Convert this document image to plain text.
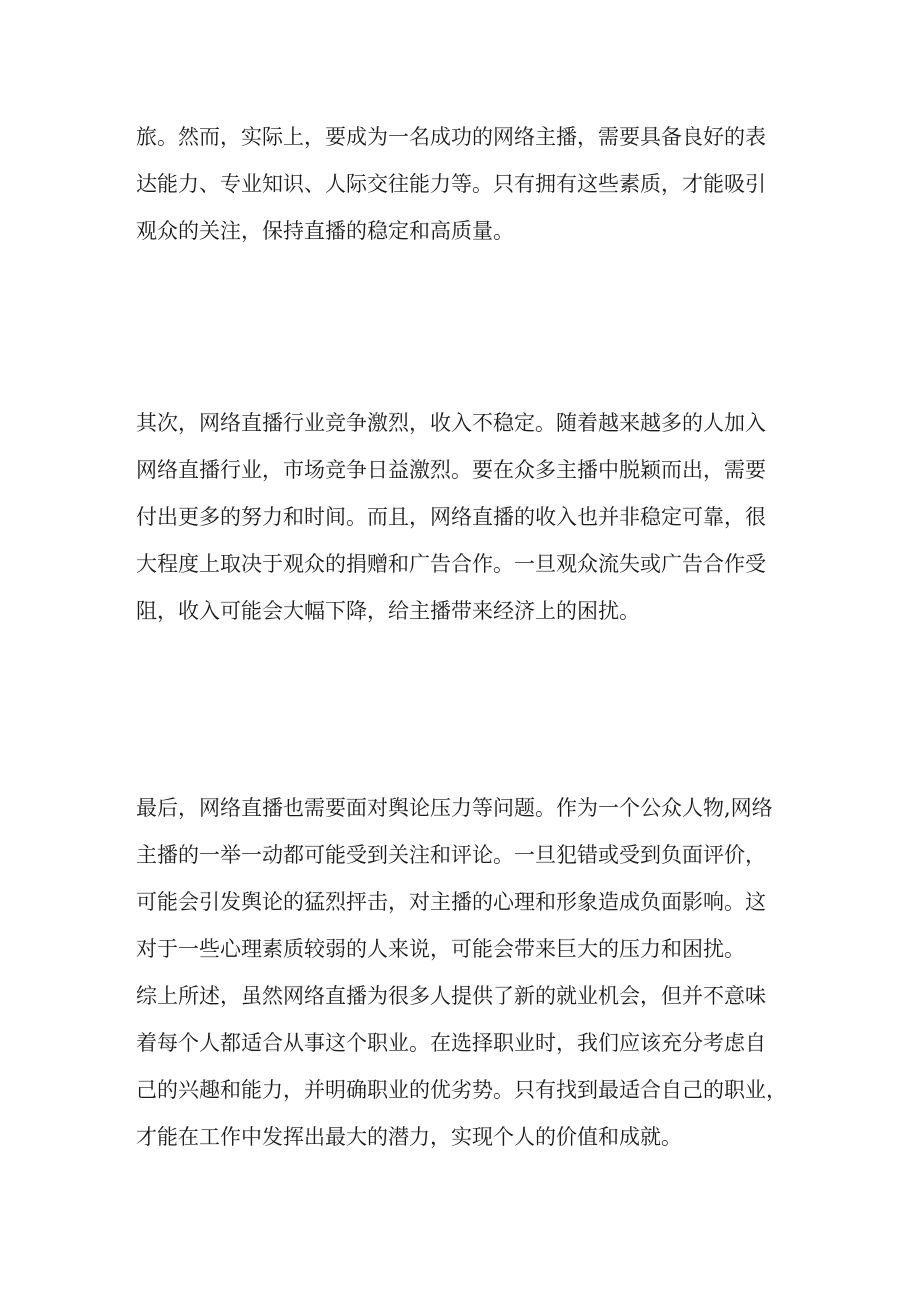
旅。然而，实际上，要成为一名成功的网络主播，需要具备良好的表
达能力、专业知识、人际交往能力等。只有拥有这些素质，才能吸引
观众的关注，保持直播的稳定和高质量。
其次，网络直播行业竞争激烈，收入不稳定。随着越来越多的人加入
网络直播行业，市场竞争日益激烈。要在众多主播中脱颖而出，需要
付出更多的努力和时间。而且，网络直播的收入也并非稳定可靠，很
大程度上取决于观众的捐赠和广告合作。一旦观众流失或广告合作受
阻，收入可能会大幅下降，给主播带来经济上的困扰。
最后，网络直播也需要面对舆论压力等问题。作为一个公众人物,网络
主播的一举一动都可能受到关注和评论。一旦犯错或受到负面评价，
可能会引发舆论的猛烈抨击，对主播的心理和形象造成负面影响。这
对于一些心理素质较弱的人来说，可能会带来巨大的压力和困扰。
综上所述，虽然网络直播为很多人提供了新的就业机会，但并不意味
着每个人都适合从事这个职业。在选择职业时，我们应该充分考虑自
己的兴趣和能力，并明确职业的优劣势。只有找到最适合自己的职业，
才能在工作中发挥出最大的潜力，实现个人的价值和成就。
